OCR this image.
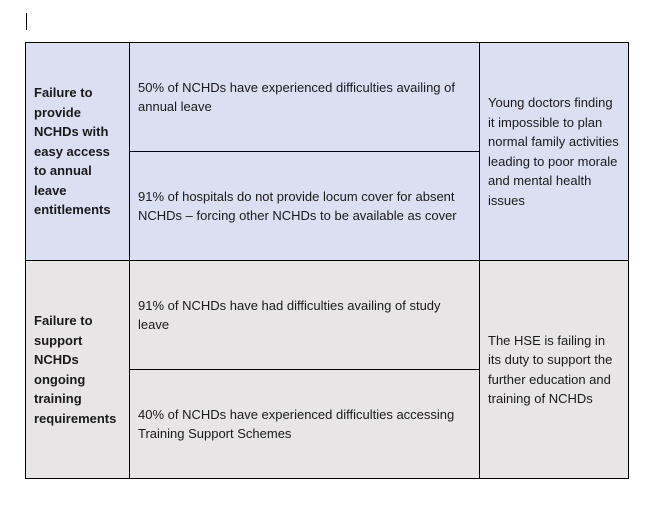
Failure to provide NCHDs with easy access to annual leave entitlements	50% of NCHDs have experienced difficulties availing of annual leave	Young doctors finding it impossible to plan normal family activities leading to poor morale and mental health issues
	91% of hospitals do not provide locum cover for absent NCHDs – forcing other NCHDs to be available as cover	
Failure to support NCHDs ongoing training requirements	91% of NCHDs have had difficulties availing of study leave	The HSE is failing in its duty to support the further education and training of NCHDs
	40% of NCHDs have experienced difficulties accessing Training Support Schemes	
